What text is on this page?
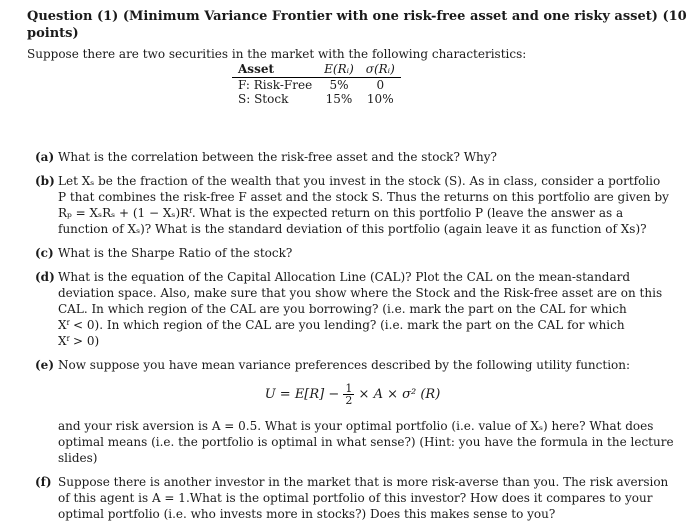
Question (1) (Minimum Variance Frontier with one risk-free asset and one risky asset) (10
points)
Suppose there are two securities in the market with the following characteristics:
Asset	E(Rᵢ)	σ(Rᵢ)
F: Risk-Free	5%	0
S: Stock	15%	10%
(a) What is the correlation between the risk-free asset and the stock? Why?
(b) Let Xₛ be the fraction of the wealth that you invest in the stock (S). As in class, consider a portfolio
P that combines the risk-free F asset and the stock S. Thus the returns on this portfolio are given by
Rₚ = XₛRₛ + (1 − Xₛ)Rᶠ. What is the expected return on this portfolio P (leave the answer as a
function of Xₛ)? What is the standard deviation of this portfolio (again leave it as function of Xs)?
(c) What is the Sharpe Ratio of the stock?
(d) What is the equation of the Capital Allocation Line (CAL)? Plot the CAL on the mean-standard
deviation space. Also, make sure that you show where the Stock and the Risk-free asset are on this
CAL. In which region of the CAL are you borrowing? (i.e. mark the part on the CAL for which
Xᶠ < 0). In which region of the CAL are you lending? (i.e. mark the part on the CAL for which
Xᶠ > 0)
(e) Now suppose you have mean variance preferences described by the following utility function:
$U = E[R] - \frac{1}{2} \times A \times \sigma^2$ (R)
and your risk aversion is A = 0.5. What is your optimal portfolio (i.e. value of Xₛ) here? What does
optimal means (i.e. the portfolio is optimal in what sense?) (Hint: you have the formula in the lecture
slides)
(f) Suppose there is another investor in the market that is more risk-averse than you. The risk aversion
of this agent is A = 1.What is the optimal portfolio of this investor? How does it compares to your
optimal portfolio (i.e. who invests more in stocks?) Does this makes sense to you?
